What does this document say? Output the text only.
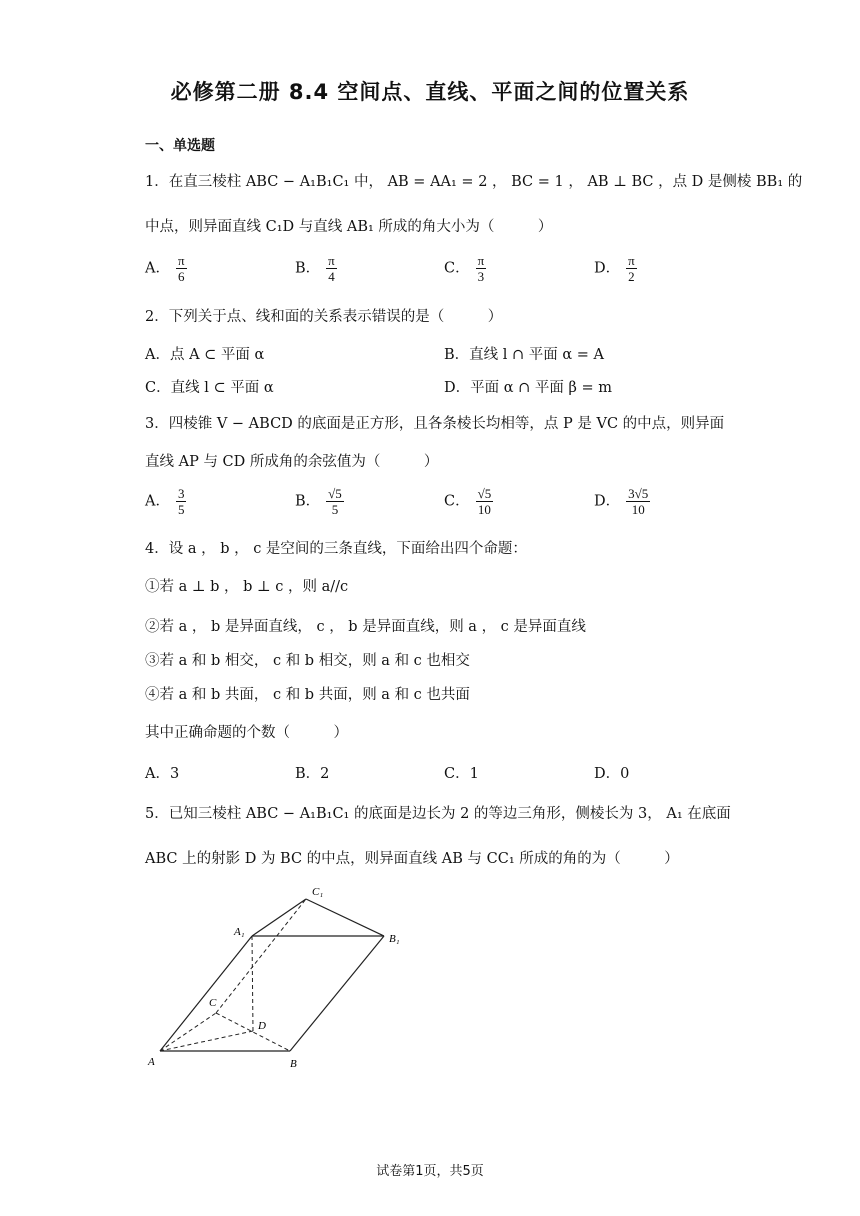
必修第二册 8.4 空间点、直线、平面之间的位置关系
一、单选题
1．在直三棱柱 ABC − A₁B₁C₁ 中， AB = AA₁ = 2 ， BC = 1 ， AB ⊥ BC ，点 D 是侧棱 BB₁ 的
中点，则异面直线 C₁D 与直线 AB₁ 所成的角大小为（　　　）
A． $\frac{\pi}{6}$	B． $\frac{\pi}{4}$	C． $\frac{\pi}{3}$	D． $\frac{\pi}{2}$
2．下列关于点、线和面的关系表示错误的是（　　　）
A．点 A ⊂ 平面 α	B．直线 l ∩ 平面 α = A
C．直线 l ⊂ 平面 α	D．平面 α ∩ 平面 β = m
3．四棱锥 V − ABCD 的底面是正方形，且各条棱长均相等，点 P 是 VC 的中点，则异面
直线 AP 与 CD 所成角的余弦值为（　　　）
A． $\frac{3}{5}$	B． $\frac{√5}{5}$	C． $\frac{√5}{10}$	D． $\frac{3√5}{10}$
4．设 a ， b ， c 是空间的三条直线，下面给出四个命题：
①若 a ⊥ b ， b ⊥ c ，则 a//c
②若 a ， b 是异面直线， c ， b 是异面直线，则 a ， c 是异面直线
③若 a 和 b 相交， c 和 b 相交，则 a 和 c 也相交
④若 a 和 b 共面， c 和 b 共面，则 a 和 c 也共面
其中正确命题的个数（　　　）
A．3	B．2	C．1	D．0
5．已知三棱柱 ABC − A₁B₁C₁ 的底面是边长为 2 的等边三角形，侧棱长为 3， A₁ 在底面
ABC 上的射影 D 为 BC 的中点，则异面直线 AB 与 CC₁ 所成的角的为（　　　）
C₁
A₁
B₁
C
D
A	B
试卷第1页，共5页
